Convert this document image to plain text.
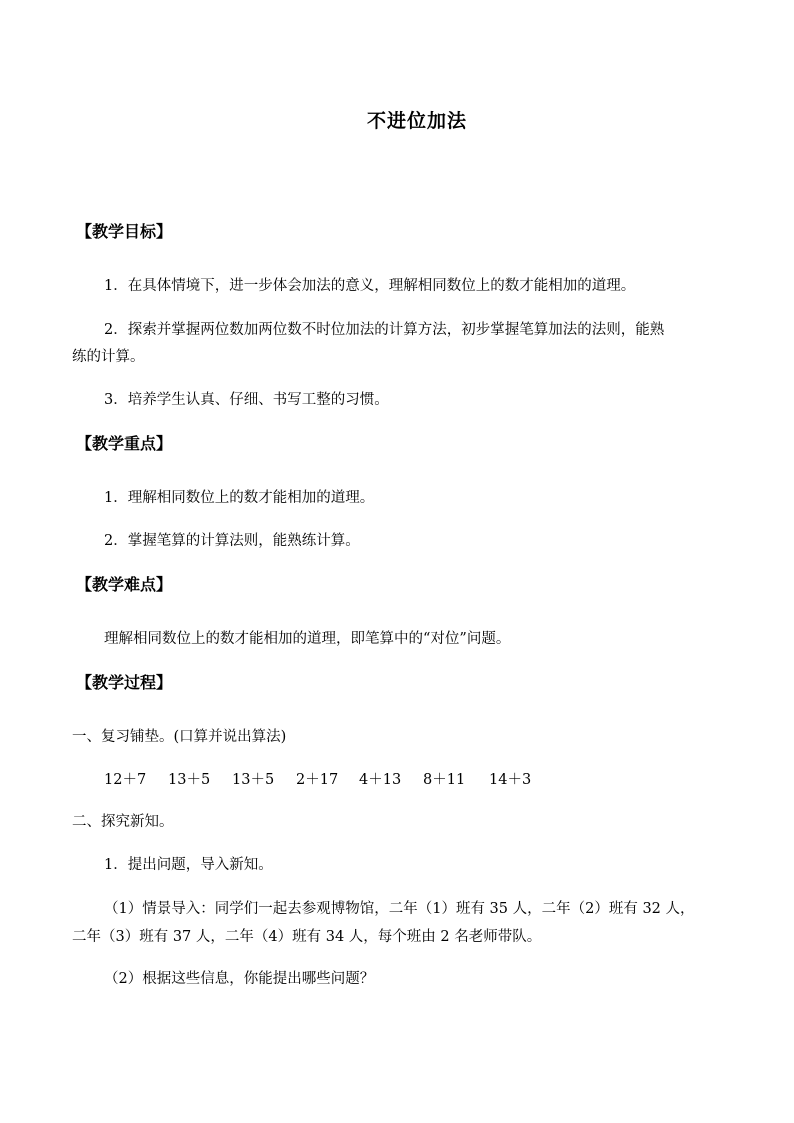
不进位加法
【教学目标】
1．在具体情境下，进一步体会加法的意义，理解相同数位上的数才能相加的道理。
2．探索并掌握两位数加两位数不时位加法的计算方法，初步掌握笔算加法的法则，能熟
练的计算。
3．培养学生认真、仔细、书写工整的习惯。
【教学重点】
1．理解相同数位上的数才能相加的道理。
2．掌握笔算的计算法则，能熟练计算。
【教学难点】
理解相同数位上的数才能相加的道理，即笔算中的“对位”问题。
【教学过程】
一、复习铺垫。(口算并说出算法)
12＋7 13＋5 13＋5 2＋17 4＋13 8＋11 14＋3
二、探究新知。
1．提出问题，导入新知。
（1）情景导入：同学们一起去参观博物馆，二年（1）班有 35 人，二年（2）班有 32 人，
二年（3）班有 37 人，二年（4）班有 34 人，每个班由 2 名老师带队。
（2）根据这些信息，你能提出哪些问题？
